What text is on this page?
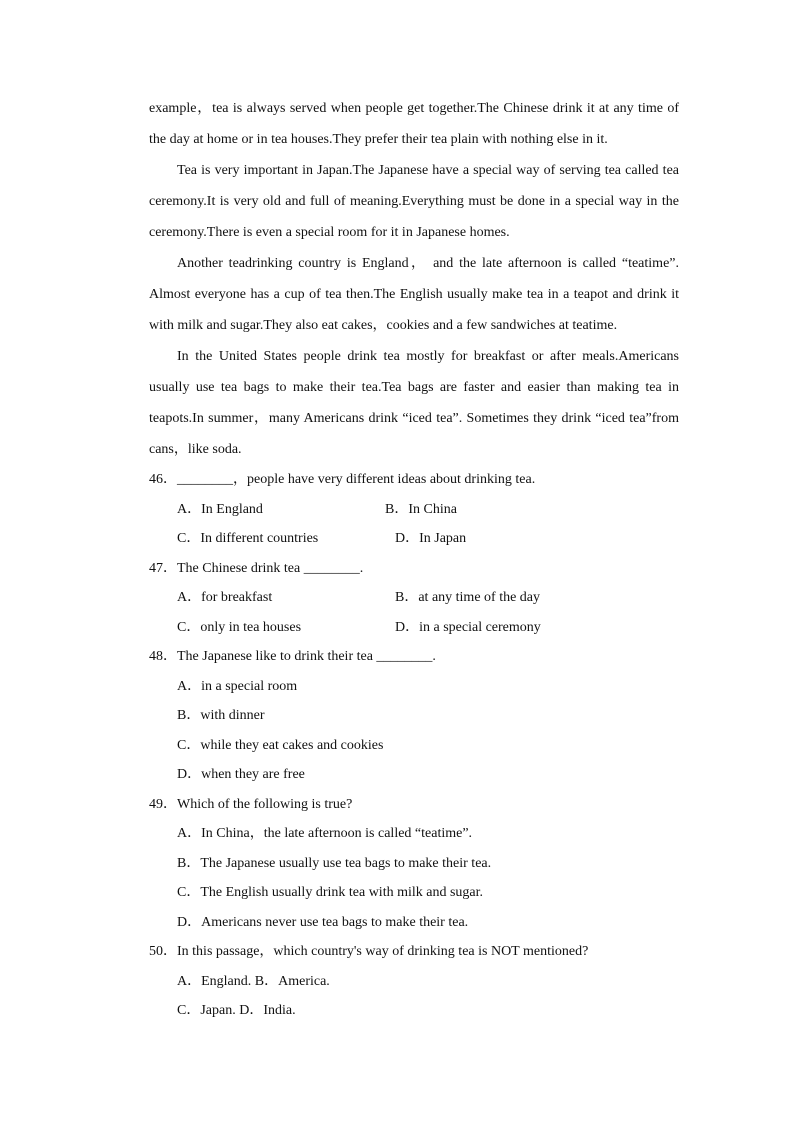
example，tea is always served when people get together.The Chinese drink it at any time of the day at home or in tea houses.They prefer their tea plain with nothing else in it.

Tea is very important in Japan.The Japanese have a special way of serving tea called tea ceremony.It is very old and full of meaning.Everything must be done in a special way in the ceremony.There is even a special room for it in Japanese homes.

Another teadrinking country is England， and the late afternoon is called “teatime”. Almost everyone has a cup of tea then.The English usually make tea in a teapot and drink it with milk and sugar.They also eat cakes，cookies and a few sandwiches at teatime.

In the United States people drink tea mostly for breakfast or after meals.Americans usually use tea bags to make their tea.Tea bags are faster and easier than making tea in teapots.In summer，many Americans drink “iced tea”. Sometimes they drink “iced tea”from cans，like soda.

46．________，people have very different ideas about drinking tea.

A．In England	B．In China
C．In different countries	D．In Japan

47．The Chinese drink tea ________.

A．for breakfast	B．at any time of the day
C．only in tea houses	D．in a special ceremony

48．The Japanese like to drink their tea ________.

A．in a special room
B．with dinner
C．while they eat cakes and cookies
D．when they are free

49．Which of the following is true?

A．In China，the late afternoon is called “teatime”.
B．The Japanese usually use tea bags to make their tea.
C．The English usually drink tea with milk and sugar.
D．Americans never use tea bags to make their tea.

50．In this passage，which country's way of drinking tea is NOT mentioned?

A．England. B．America.
C．Japan. D．India.
